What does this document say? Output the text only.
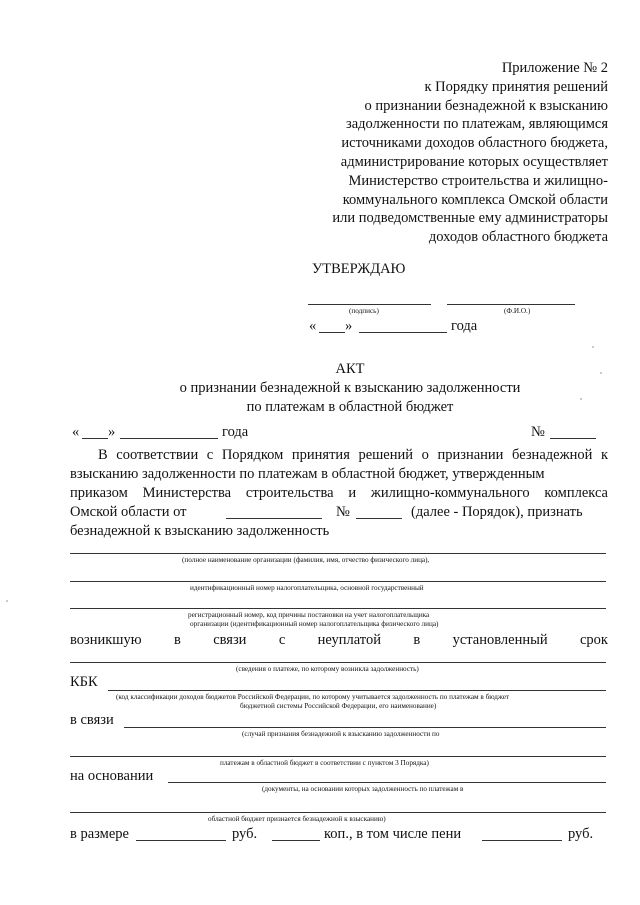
Приложение № 2
к Порядку принятия решений
о признании безнадежной к взысканию
задолженности по платежам, являющимся
источниками доходов областного бюджета,
администрирование которых осуществляет
Министерство строительства и жилищно-
коммунального комплекса Омской области
или подведомственные ему администраторы
доходов областного бюджета
УТВЕРЖДАЮ
(подпись)	(Ф.И.О.)
« »	года
АКТ
о признании безнадежной к взысканию задолженности
по платежам в областной бюджет
« »	года	№
В соответствии с Порядком принятия решений о признании безнадежной к
взысканию задолженности по платежам в областной бюджет, утвержденным
приказом Министерства строительства и жилищно-коммунального комплекса
Омской области от	№	(далее - Порядок), признать
безнадежной к взысканию задолженность
(полное наименование организации (фамилия, имя, отчество физического лица),
идентификационный номер налогоплательщика, основной государственный
регистрационный номер, код причины постановки на учет налогоплательщика
организации (идентификационный номер налогоплательщика физического лица)
возникшую в связи с неуплатой в установленный срок
(сведения о платеже, по которому возникла задолженность)
КБК
(код классификации доходов бюджетов Российской Федерации, по которому учитывается задолженность по платежам в бюджет
бюджетной системы Российской Федерации, его наименование)
в связи
(случай признания безнадежной к взысканию задолженности по
платежам в областной бюджет в соответствии с пунктом 3 Порядка)
на основании
(документы, на основании которых задолженность по платежам в
областной бюджет признается безнадежной к взысканию)
в размере	руб.	коп., в том числе пени	руб.
